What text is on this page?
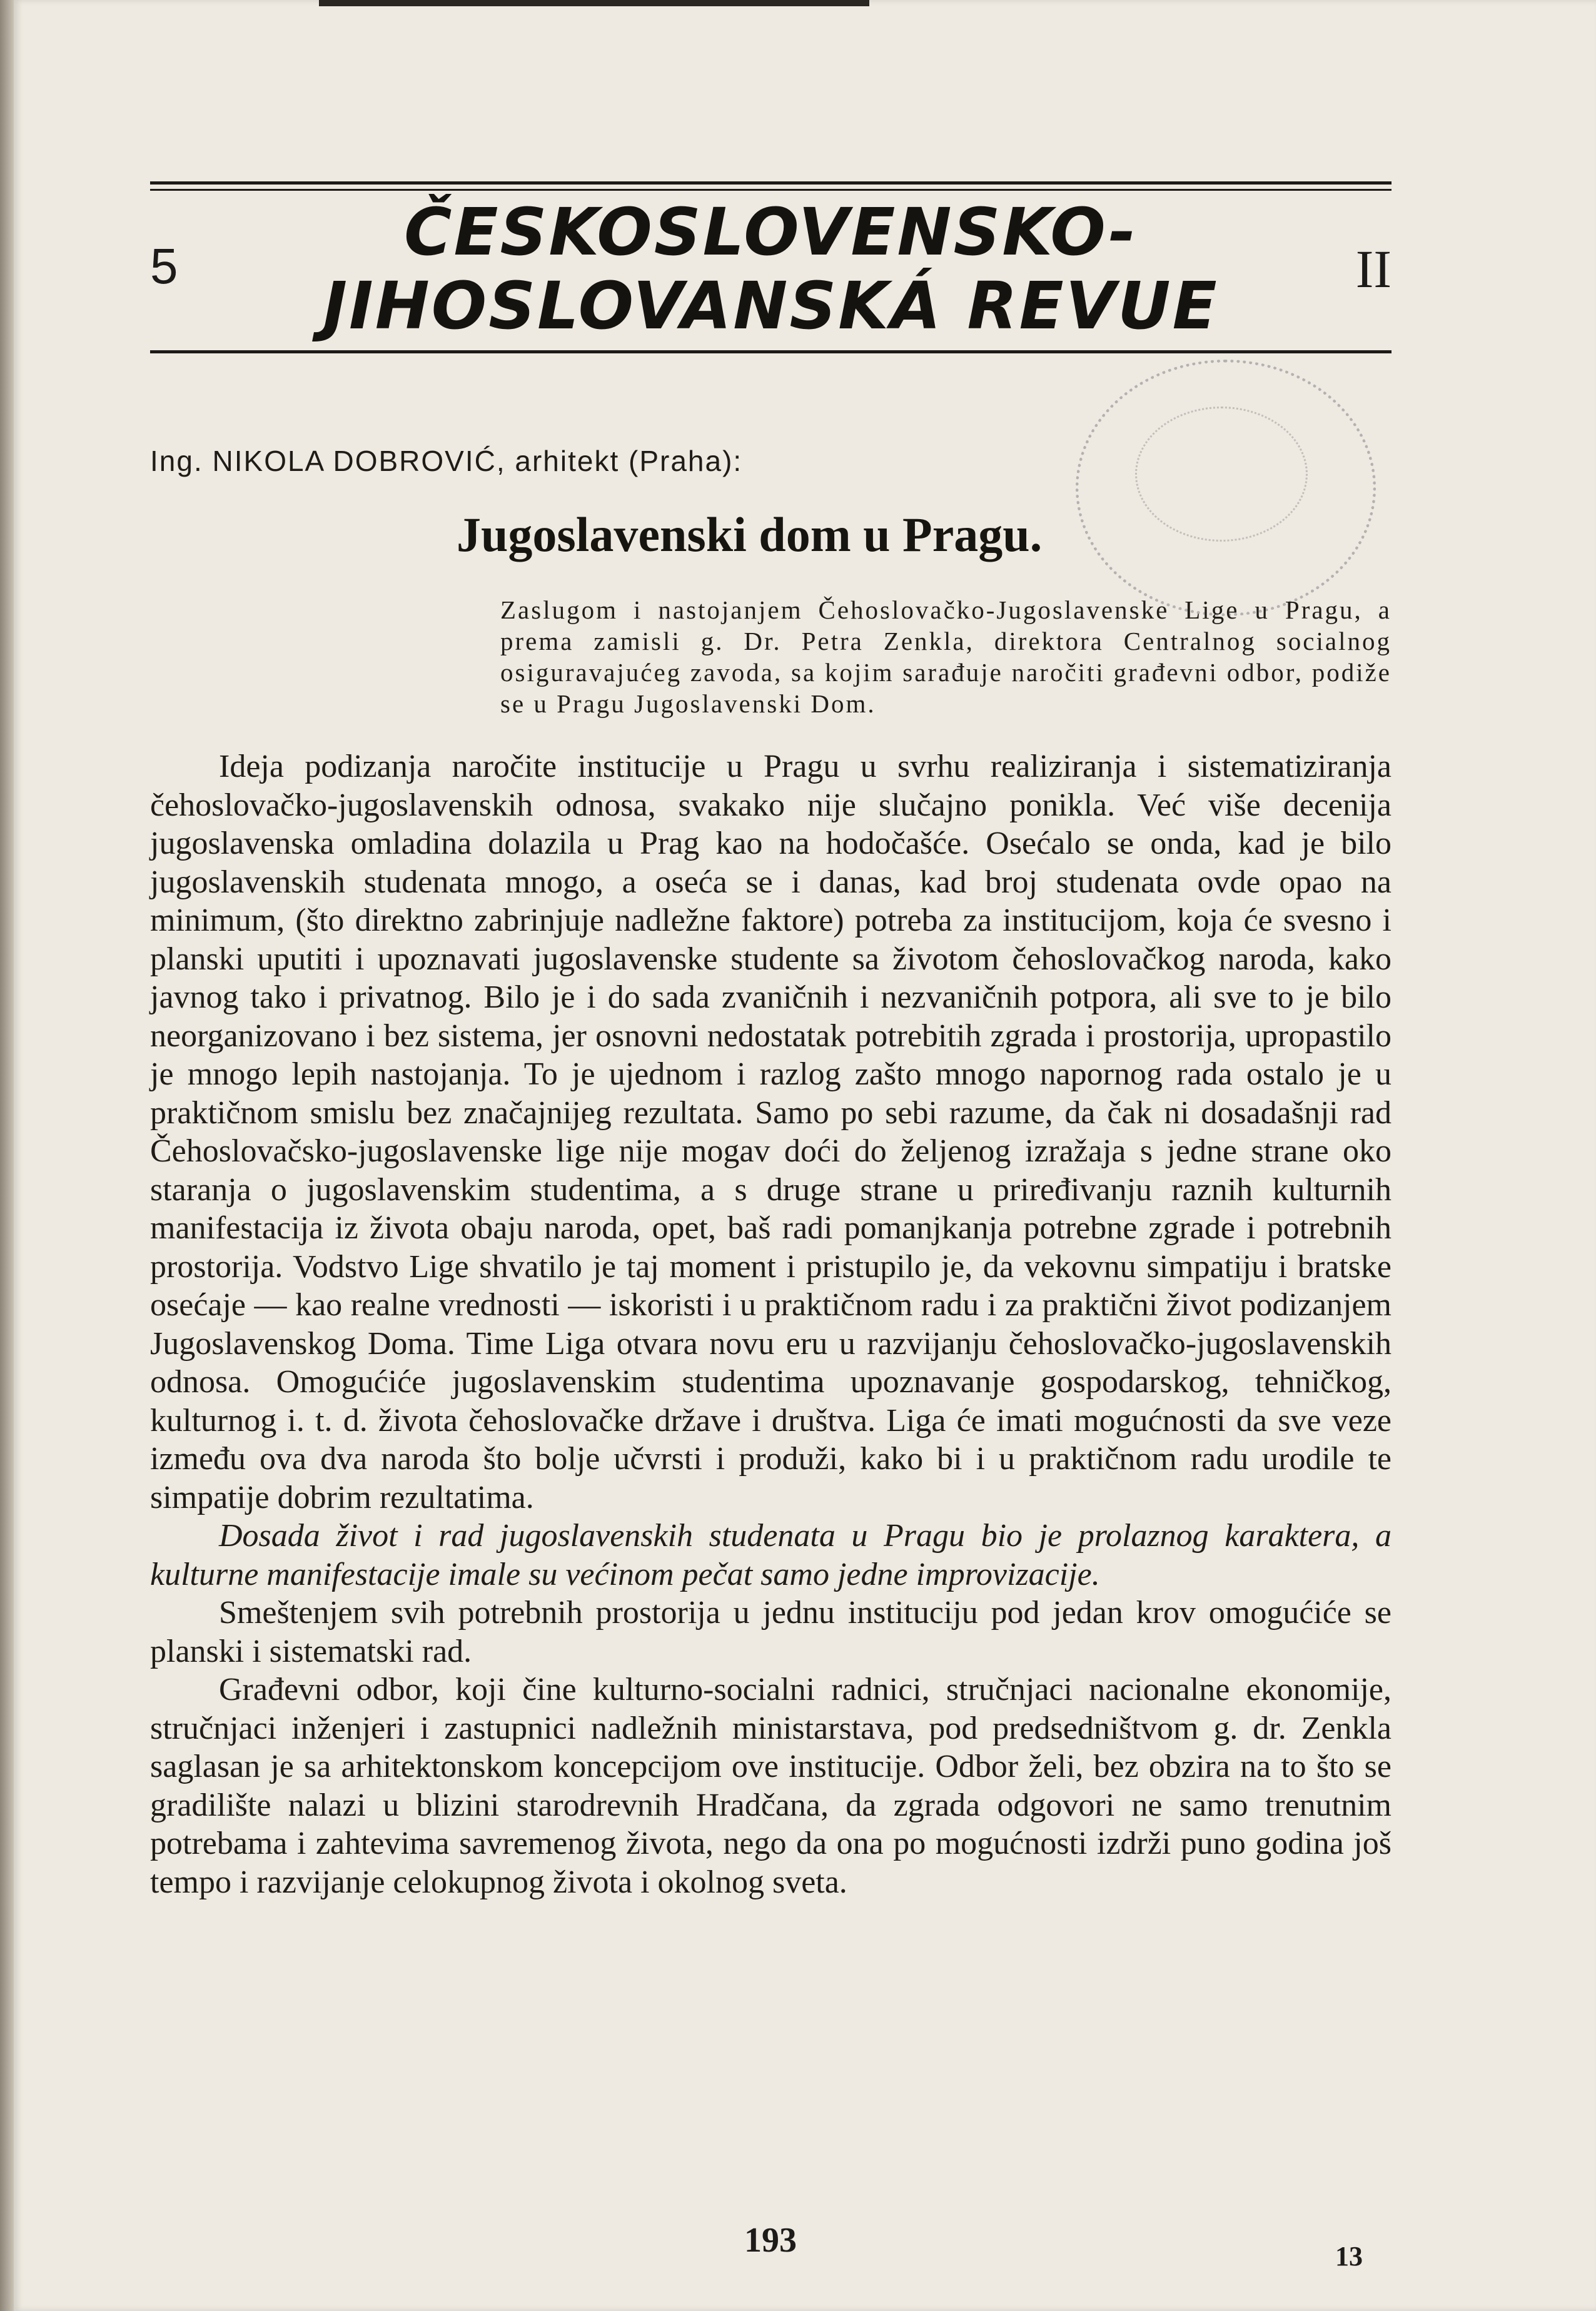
5	ČESKOSLOVENSKO-
JIHOSLOVANSKÁ REVUE	II
Ing. NIKOLA DOBROVIĆ, arhitekt (Praha):
Jugoslavenski dom u Pragu.
Zaslugom i nastojanjem Čehoslovačko-Jugoslavenske Lige u Pragu, a prema zamisli g. Dr. Petra Zenkla, direktora Centralnog socialnog osiguravajućeg zavoda, sa kojim sarađuje naročiti građevni odbor, podiže se u Pragu Jugoslavenski Dom.

Ideja podizanja naročite institucije u Pragu u svrhu realiziranja i sistematiziranja čehoslovačko-jugoslavenskih odnosa, svakako nije slučajno ponikla. Već više decenija jugoslavenska omladina dolazila u Prag kao na hodočašće. Osećalo se onda, kad je bilo jugoslavenskih studenata mnogo, a oseća se i danas, kad broj studenata ovde opao na minimum, (što direktno zabrinjuje nadležne faktore) potreba za institucijom, koja će svesno i planski uputiti i upoznavati jugoslavenske studente sa životom čehoslovačkog naroda, kako javnog tako i privatnog. Bilo je i do sada zvaničnih i nezvaničnih potpora, ali sve to je bilo neorganizovano i bez sistema, jer osnovni nedostatak potrebitih zgrada i prostorija, upropastilo je mnogo lepih nastojanja. To je ujednom i razlog zašto mnogo napornog rada ostalo je u praktičnom smislu bez značajnijeg rezultata. Samo po sebi razume, da čak ni dosadašnji rad Čehoslovačsko-jugoslavenske lige nije mogav doći do željenog izražaja s jedne strane oko staranja o jugoslavenskim studentima, a s druge strane u priređivanju raznih kulturnih manifestacija iz života obaju naroda, opet, baš radi pomanjkanja potrebne zgrade i potrebnih prostorija. Vodstvo Lige shvatilo je taj moment i pristupilo je, da vekovnu simpatiju i bratske osećaje — kao realne vrednosti — iskoristi i u praktičnom radu i za praktični život podizanjem Jugoslavenskog Doma. Time Liga otvara novu eru u razvijanju čehoslovačko-jugoslavenskih odnosa. Omogućiće jugoslavenskim studentima upoznavanje gospodarskog, tehničkog, kulturnog i. t. d. života čehoslovačke države i društva. Liga će imati mogućnosti da sve veze između ova dva naroda što bolje učvrsti i produži, kako bi i u praktičnom radu urodile te simpatije dobrim rezultatima.

Dosada život i rad jugoslavenskih studenata u Pragu bio je prolaznog karaktera, a kulturne manifestacije imale su većinom pečat samo jedne improvizacije.

Smeštenjem svih potrebnih prostorija u jednu instituciju pod jedan krov omogućiće se planski i sistematski rad.

Građevni odbor, koji čine kulturno-socialni radnici, stručnjaci nacionalne ekonomije, stručnjaci inženjeri i zastupnici nadležnih ministarstava, pod predsedništvom g. dr. Zenkla saglasan je sa arhitektonskom koncepcijom ove institucije. Odbor želi, bez obzira na to što se gradilište nalazi u blizini starodrevnih Hradčana, da zgrada odgovori ne samo trenutnim potrebama i zahtevima savremenog života, nego da ona po mogućnosti izdrži puno godina još tempo i razvijanje celokupnog života i okolnog sveta.

193	13
